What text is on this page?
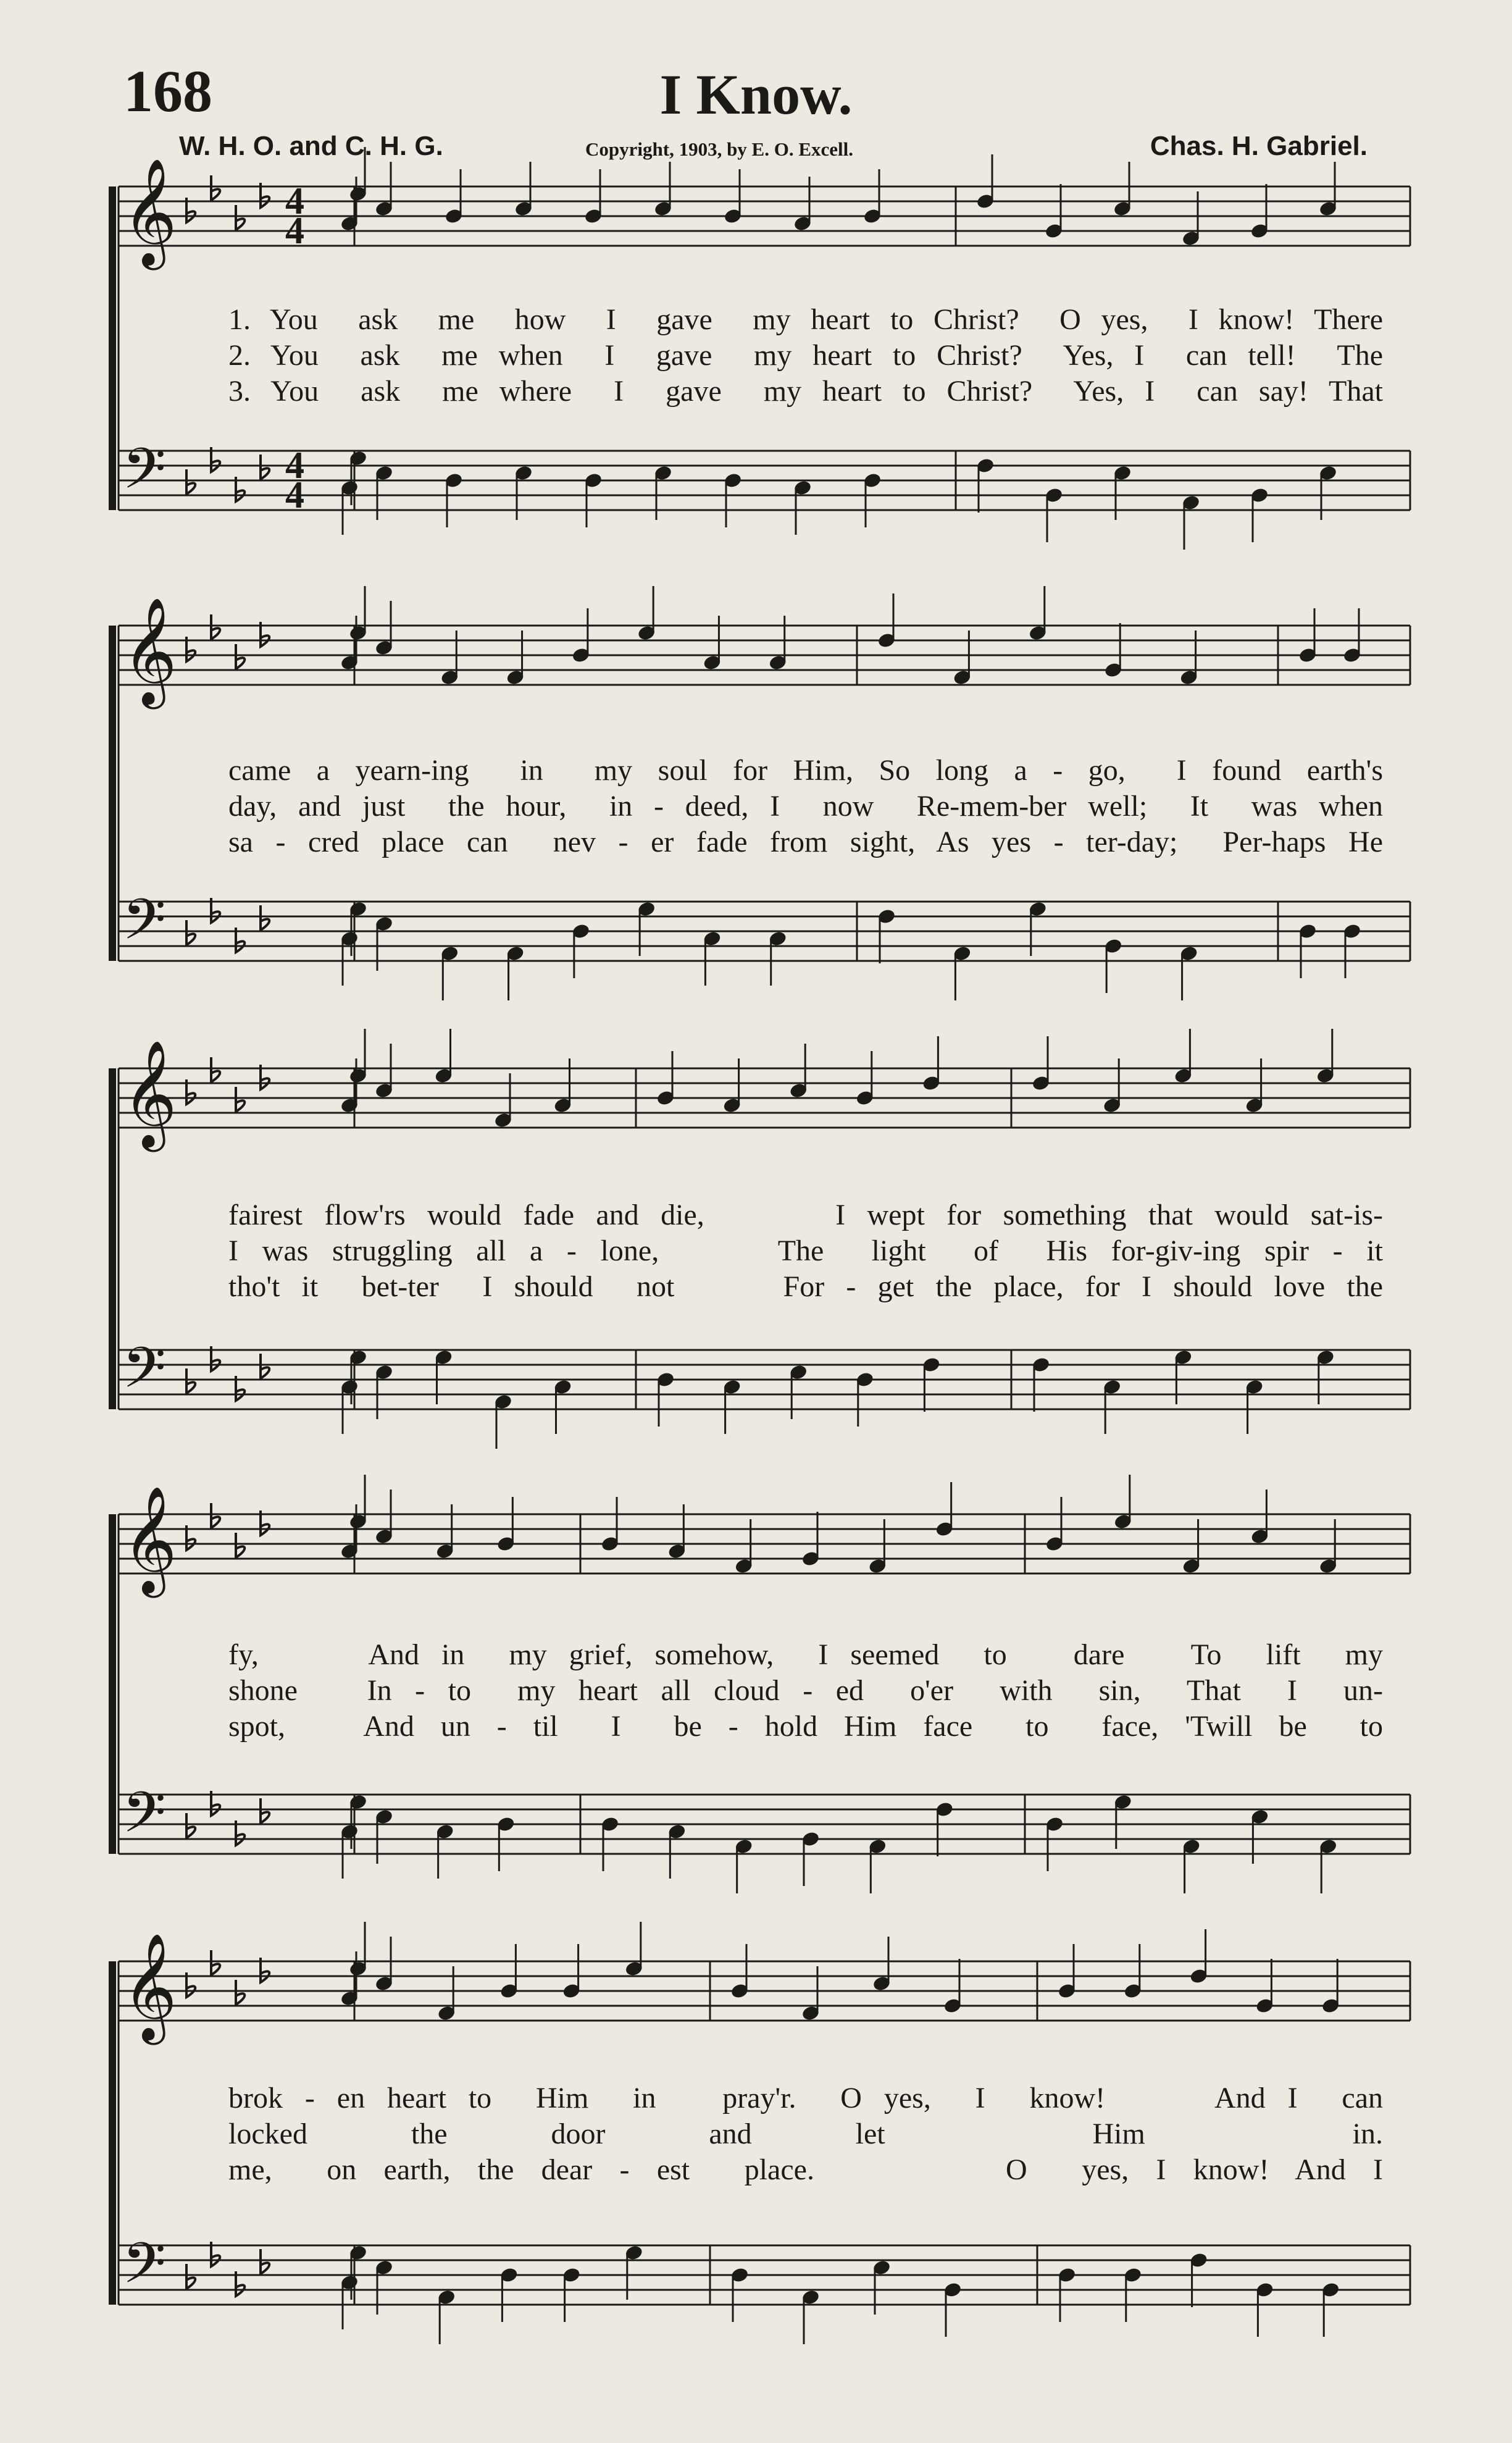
168	I Know.
W. H. O. and C. H. G.	Copyright, 1903, by E. O. Excell.	Chas. H. Gabriel.
𝄞
𝄢
4
4
4
4
𝄞
𝄢
𝄞
𝄢
𝄞
𝄢
𝄞
𝄢

1. You  ask  me  how  I  gave  my heart to Christ?  O yes,  I know! There

2. You  ask  me when  I  gave  my heart to Christ?  Yes, I  can tell!  The

3. You  ask  me where  I  gave  my heart to Christ?  Yes, I  can say! That

came a yearn-ing  in  my soul for Him, So long a - go,  I found earth's

day, and just  the hour,  in - deed, I  now  Re-mem-ber well;  It  was when

sa - cred place can  nev - er fade from sight, As yes - ter-day;  Per-haps He

fairest flow'rs would fade and die,      I wept for something that would sat-is-

I was struggling all a - lone,     The  light  of  His for-giv-ing spir - it

tho't it  bet-ter  I should  not     For - get the place, for I should love the

fy,     And in  my grief, somehow,  I seemed  to   dare   To  lift  my

shone   In - to  my heart all cloud - ed  o'er  with  sin,  That  I  un-

spot,   And un - til  I  be - hold Him face  to  face, 'Twill be  to

brok - en heart to  Him  in   pray'r.  O yes,  I  know!     And I  can

locked the door and let  Him  in.

me,  on earth, the dear - est  place.       O  yes, I know! And I
